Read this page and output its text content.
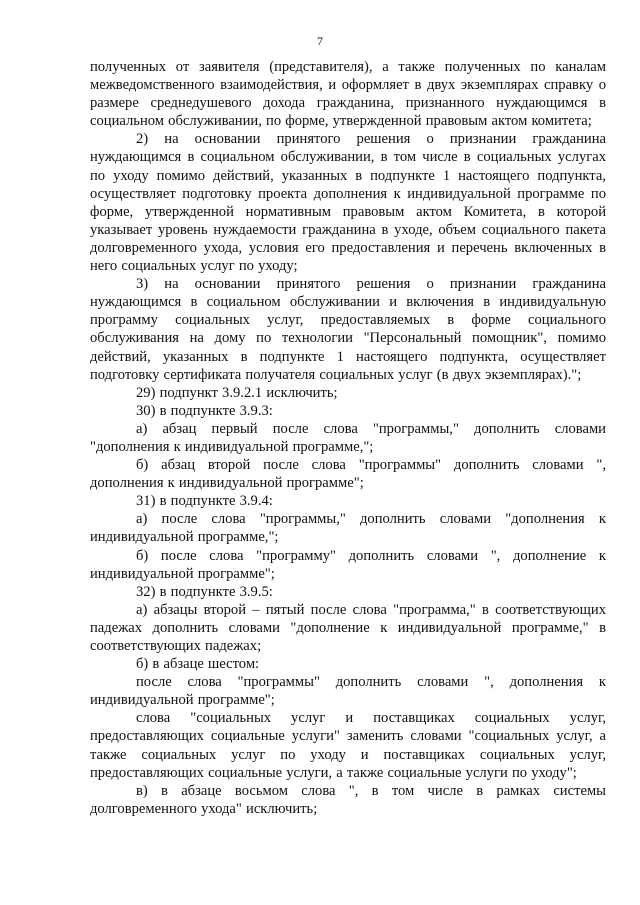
7

полученных от заявителя (представителя), а также полученных по каналам межведомственного взаимодействия, и оформляет в двух экземплярах справку о размере среднедушевого дохода гражданина, признанного нуждающимся в социальном обслуживании, по форме, утвержденной правовым актом комитета;

2) на основании принятого решения о признании гражданина нуждающимся в социальном обслуживании, в том числе в социальных услугах по уходу помимо действий, указанных в подпункте 1 настоящего подпункта, осуществляет подготовку проекта дополнения к индивидуальной программе по форме, утвержденной нормативным правовым актом Комитета, в которой указывает уровень нуждаемости гражданина в уходе, объем социального пакета долговременного ухода, условия его предоставления и перечень включенных в него социальных услуг по уходу;

3) на основании принятого решения о признании гражданина нуждающимся в социальном обслуживании и включения в индивидуальную программу социальных услуг, предоставляемых в форме социального обслуживания на дому по технологии "Персональный помощник", помимо действий, указанных в подпункте 1 настоящего подпункта, осуществляет подготовку сертификата получателя социальных услуг (в двух экземплярах).";

29) подпункт 3.9.2.1 исключить;

30) в подпункте 3.9.3:

а) абзац первый после слова "программы," дополнить словами "дополнения к индивидуальной программе,";

б) абзац второй после слова "программы" дополнить словами ", дополнения к индивидуальной программе";

31) в подпункте 3.9.4:

а) после слова "программы," дополнить словами "дополнения к индивидуальной программе,";

б) после слова "программу" дополнить словами ", дополнение к индивидуальной программе";

32) в подпункте 3.9.5:

а) абзацы второй – пятый после слова "программа," в соответствующих падежах дополнить словами "дополнение к индивидуальной программе," в соответствующих падежах;

б) в абзаце шестом:

после слова "программы" дополнить словами ", дополнения к индивидуальной программе";

слова "социальных услуг и поставщиках социальных услуг, предоставляющих социальные услуги" заменить словами "социальных услуг, а также социальных услуг по уходу и поставщиках социальных услуг, предоставляющих социальные услуги, а также социальные услуги по уходу";

в) в абзаце восьмом слова ", в том числе в рамках системы долговременного ухода" исключить;
